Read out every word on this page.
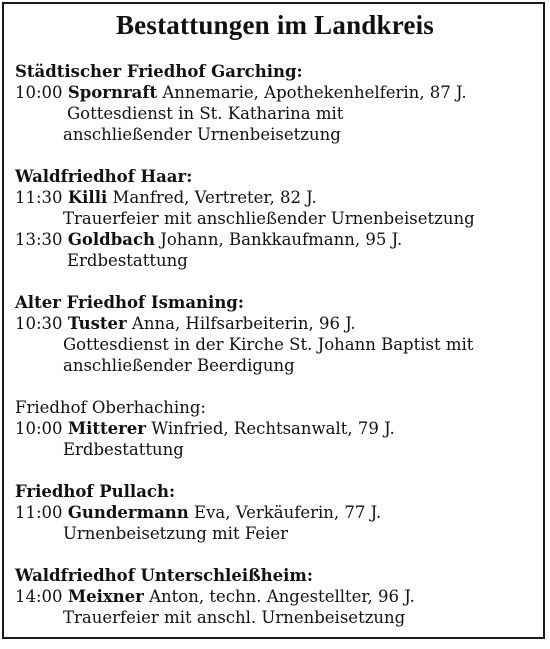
Bestattungen im Landkreis
Städtischer Friedhof Garching:
10:00 Spornraft Annemarie, Apothekenhelferin, 87 J.
Gottesdienst in St. Katharina mit
anschließender Urnenbeisetzung
Waldfriedhof Haar:
11:30 Killi Manfred, Vertreter, 82 J.
Trauerfeier mit anschließender Urnenbeisetzung
13:30 Goldbach Johann, Bankkaufmann, 95 J.
Erdbestattung
Alter Friedhof Ismaning:
10:30 Tuster Anna, Hilfsarbeiterin, 96 J.
Gottesdienst in der Kirche St. Johann Baptist mit
anschließender Beerdigung
Friedhof Oberhaching:
10:00 Mitterer Winfried, Rechtsanwalt, 79 J.
Erdbestattung
Friedhof Pullach:
11:00 Gundermann Eva, Verkäuferin, 77 J.
Urnenbeisetzung mit Feier
Waldfriedhof Unterschleißheim:
14:00 Meixner Anton, techn. Angestellter, 96 J.
Trauerfeier mit anschl. Urnenbeisetzung
